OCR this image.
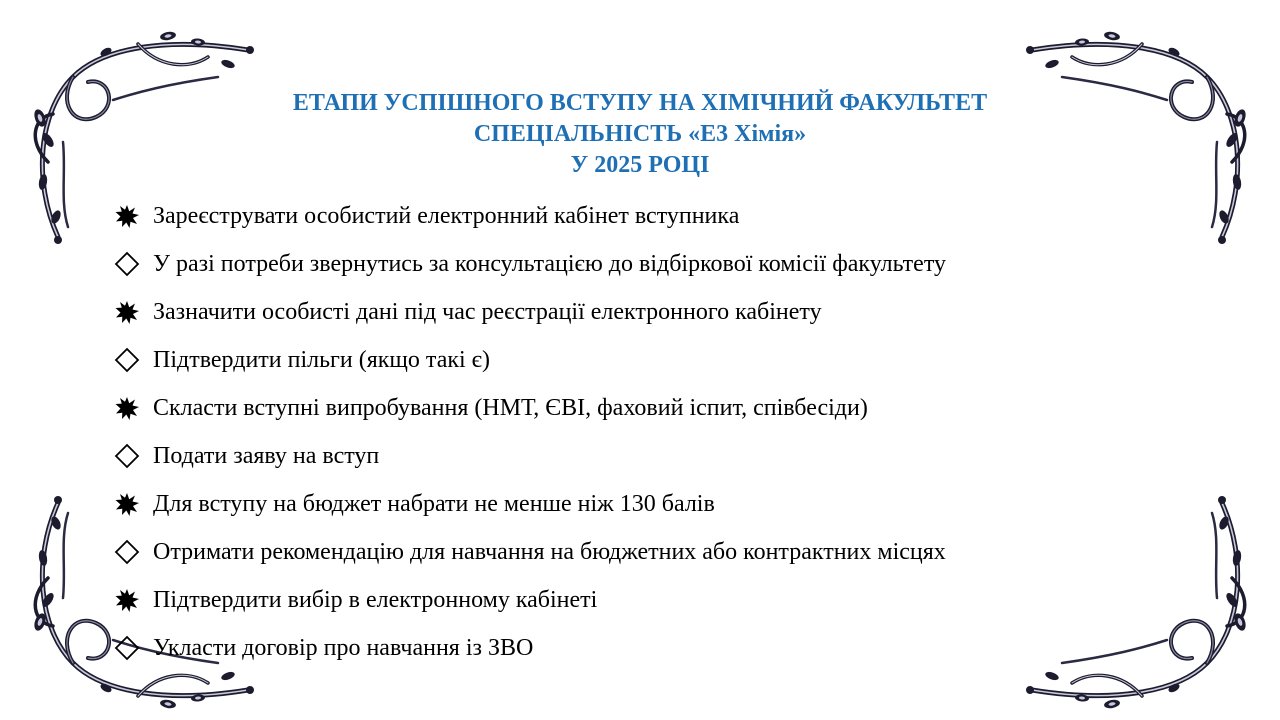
ЕТАПИ УСПІШНОГО ВСТУПУ НА ХІМІЧНИЙ ФАКУЛЬТЕТ
СПЕЦІАЛЬНІСТЬ «Е3 Хімія»
У 2025 РОЦІ
Зареєструвати особистий електронний кабінет вступника
У разі потреби звернутись за консультацією до відбіркової комісії факультету
Зазначити особисті дані під час реєстрації електронного кабінету
Підтвердити пільги (якщо такі є)
Скласти вступні випробування (НМТ, ЄВІ, фаховий іспит, співбесіди)
Подати заяву на вступ
Для вступу на бюджет набрати не менше ніж 130 балів
Отримати рекомендацію для навчання на бюджетних або контрактних місцях
Підтвердити вибір в електронному кабінеті
Укласти договір про навчання із ЗВО
